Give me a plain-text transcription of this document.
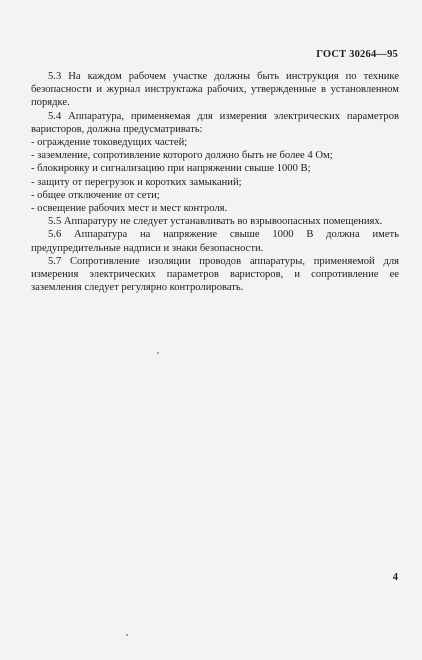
ГОСТ 30264—95

5.3 На каждом рабочем участке должны быть инструкция по технике безопасности и журнал инструктажа рабочих, утвержденные в установленном порядке.

5.4 Аппаратура, применяемая для измерения электрических параметров варисторов, должна предусматривать:

- ограждение токоведущих частей;

- заземление, сопротивление которого должно быть не более 4 Ом;

- блокировку и сигнализацию при напряжении свыше 1000 В;

- защиту от перегрузок и коротких замыканий;

- общее отключение от сети;

- освещение рабочих мест и мест контроля.

5.5 Аппаратуру не следует устанавливать во взрывоопасных помещениях.

5.6 Аппаратура на напряжение свыше 1000 В должна иметь предупредительные надписи и знаки безопасности.

5.7 Сопротивление изоляции проводов аппаратуры, применяемой для измерения электрических параметров варисторов, и сопротивление ее заземления следует регулярно контролировать.

4
